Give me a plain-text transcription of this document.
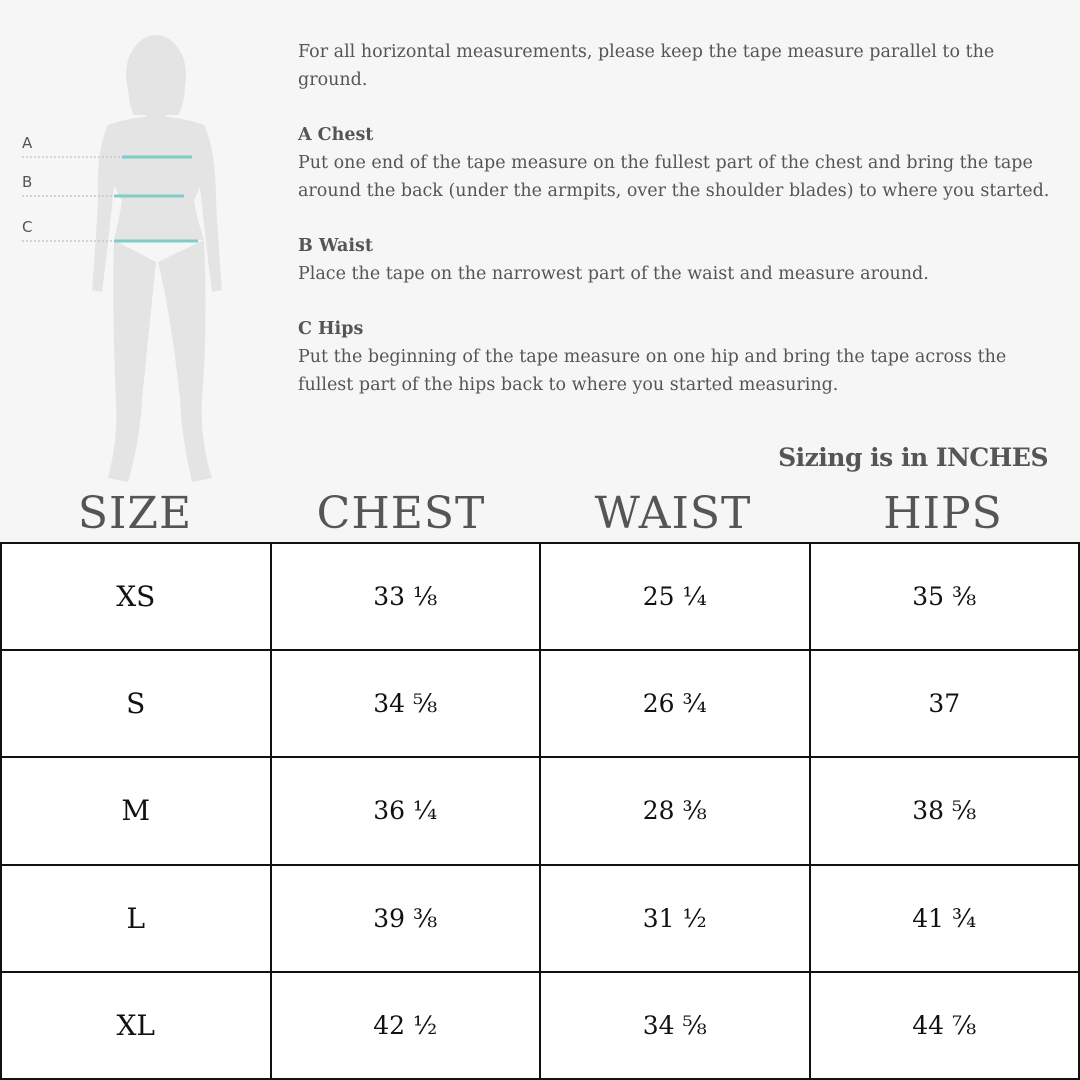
A
B
C

For all horizontal measurements, please keep the tape measure parallel to the ground.

A Chest
Put one end of the tape measure on the fullest part of the chest and bring the tape around the back (under the armpits, over the shoulder blades) to where you started.

B Waist
Place the tape on the narrowest part of the waist and measure around.

C Hips
Put the beginning of the tape measure on one hip and bring the tape across the fullest part of the hips back to where you started measuring.

Sizing is in INCHES
SIZE	CHEST	WAIST	HIPS
XS	33 ⅛	25 ¼	35 ⅜
S	34 ⅝	26 ¾	37
M	36 ¼	28 ⅜	38 ⅝
L	39 ⅜	31 ½	41 ¾
XL	42 ½	34 ⅝	44 ⅞
